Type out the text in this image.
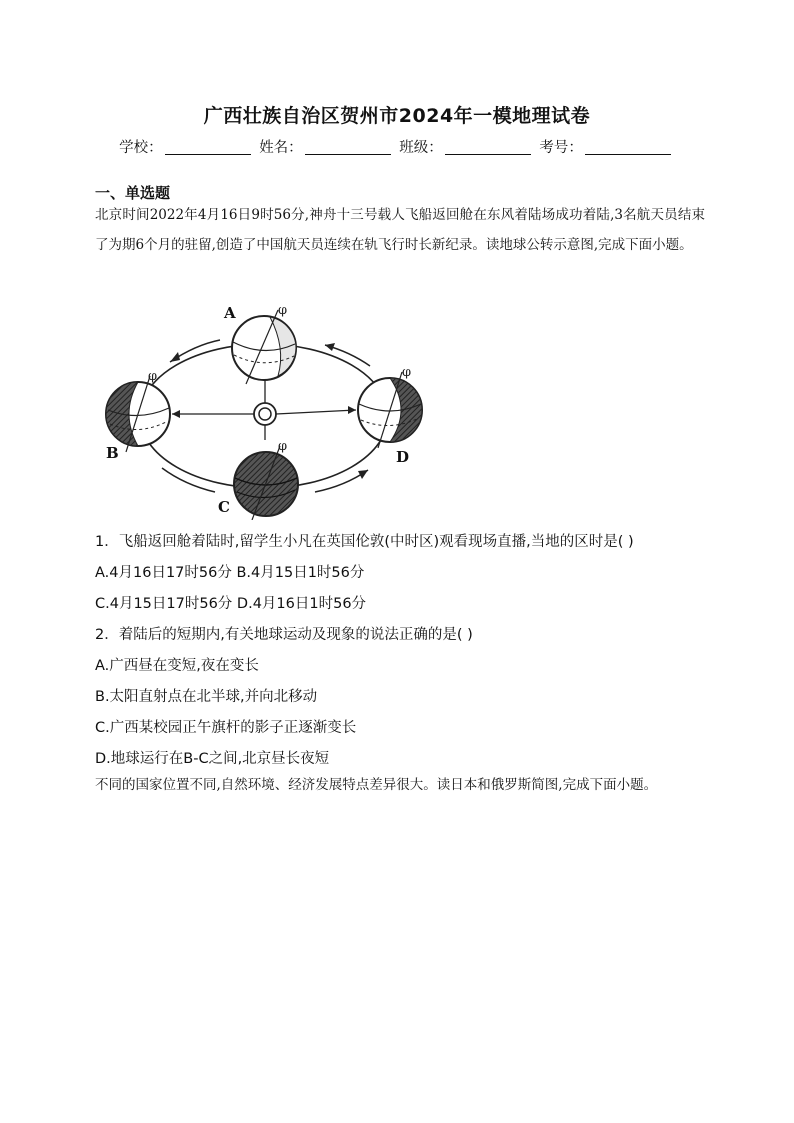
广西壮族自治区贺州市2024年一模地理试卷
学校：	姓名：	班级：	考号：
一、单选题
北京时间2022年4月16日9时56分,神舟十三号载人飞船返回舱在东风着陆场成功着陆,3名航天员结束了为期6个月的驻留,创造了中国航天员连续在轨飞行时长新纪录。读地球公转示意图,完成下面小题。
φ
φ
φ
φ
A
B
C
D
1．飞船返回舱着陆时,留学生小凡在英国伦敦(中时区)观看现场直播,当地的区时是( )
A.4月16日17时56分 B.4月15日1时56分
C.4月15日17时56分 D.4月16日1时56分
2．着陆后的短期内,有关地球运动及现象的说法正确的是( )
A.广西昼在变短,夜在变长
B.太阳直射点在北半球,并向北移动
C.广西某校园正午旗杆的影子正逐渐变长
D.地球运行在B-C之间,北京昼长夜短
不同的国家位置不同,自然环境、经济发展特点差异很大。读日本和俄罗斯简图,完成下面小题。
